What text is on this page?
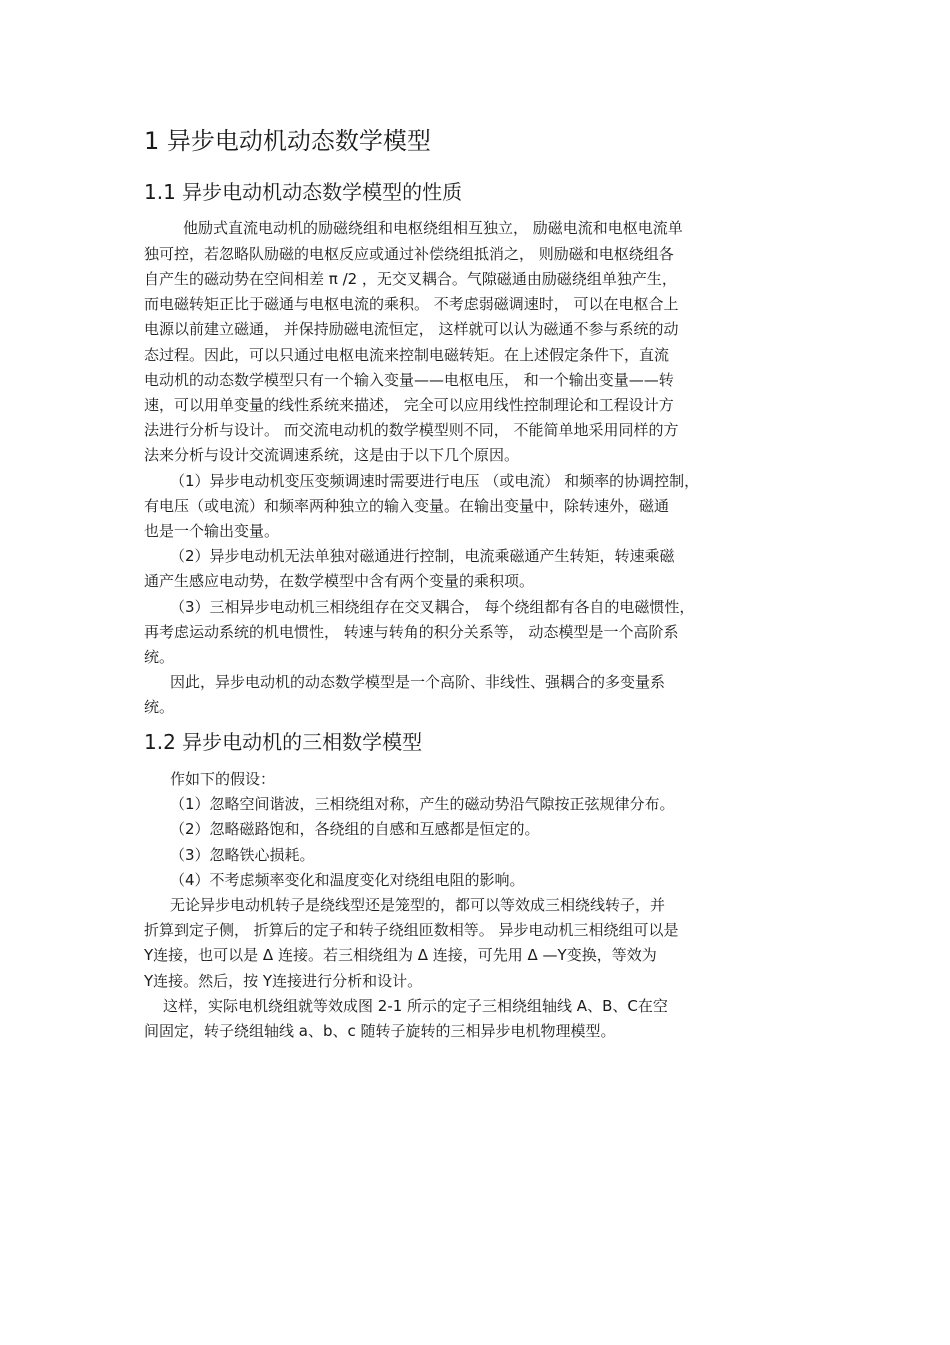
1 异步电动机动态数学模型
1.1 异步电动机动态数学模型的性质
他励式直流电动机的励磁绕组和电枢绕组相互独立， 励磁电流和电枢电流单
独可控，若忽略队励磁的电枢反应或通过补偿绕组抵消之， 则励磁和电枢绕组各
自产生的磁动势在空间相差 π /2 ，无交叉耦合。气隙磁通由励磁绕组单独产生，
而电磁转矩正比于磁通与电枢电流的乘积。 不考虑弱磁调速时， 可以在电枢合上
电源以前建立磁通， 并保持励磁电流恒定， 这样就可以认为磁通不参与系统的动
态过程。因此，可以只通过电枢电流来控制电磁转矩。在上述假定条件下，直流
电动机的动态数学模型只有一个输入变量——电枢电压， 和一个输出变量——转
速，可以用单变量的线性系统来描述， 完全可以应用线性控制理论和工程设计方
法进行分析与设计。 而交流电动机的数学模型则不同， 不能简单地采用同样的方
法来分析与设计交流调速系统，这是由于以下几个原因。
（1）异步电动机变压变频调速时需要进行电压 （或电流） 和频率的协调控制，
有电压（或电流）和频率两种独立的输入变量。在输出变量中，除转速外，磁通
也是一个输出变量。
（2）异步电动机无法单独对磁通进行控制，电流乘磁通产生转矩，转速乘磁
通产生感应电动势，在数学模型中含有两个变量的乘积项。
（3）三相异步电动机三相绕组存在交叉耦合， 每个绕组都有各自的电磁惯性，
再考虑运动系统的机电惯性， 转速与转角的积分关系等， 动态模型是一个高阶系
统。
因此，异步电动机的动态数学模型是一个高阶、非线性、强耦合的多变量系
统。
1.2 异步电动机的三相数学模型
作如下的假设：
（1）忽略空间谐波，三相绕组对称，产生的磁动势沿气隙按正弦规律分布。
（2）忽略磁路饱和，各绕组的自感和互感都是恒定的。
（3）忽略铁心损耗。
（4）不考虑频率变化和温度变化对绕组电阻的影响。
无论异步电动机转子是绕线型还是笼型的，都可以等效成三相绕线转子，并
折算到定子侧， 折算后的定子和转子绕组匝数相等。 异步电动机三相绕组可以是
Y连接，也可以是 Δ 连接。若三相绕组为 Δ 连接，可先用 Δ —Y变换，等效为
Y连接。然后，按 Y连接进行分析和设计。
这样，实际电机绕组就等效成图 2-1 所示的定子三相绕组轴线 A、B、C在空
间固定，转子绕组轴线 a、b、c 随转子旋转的三相异步电机物理模型。
